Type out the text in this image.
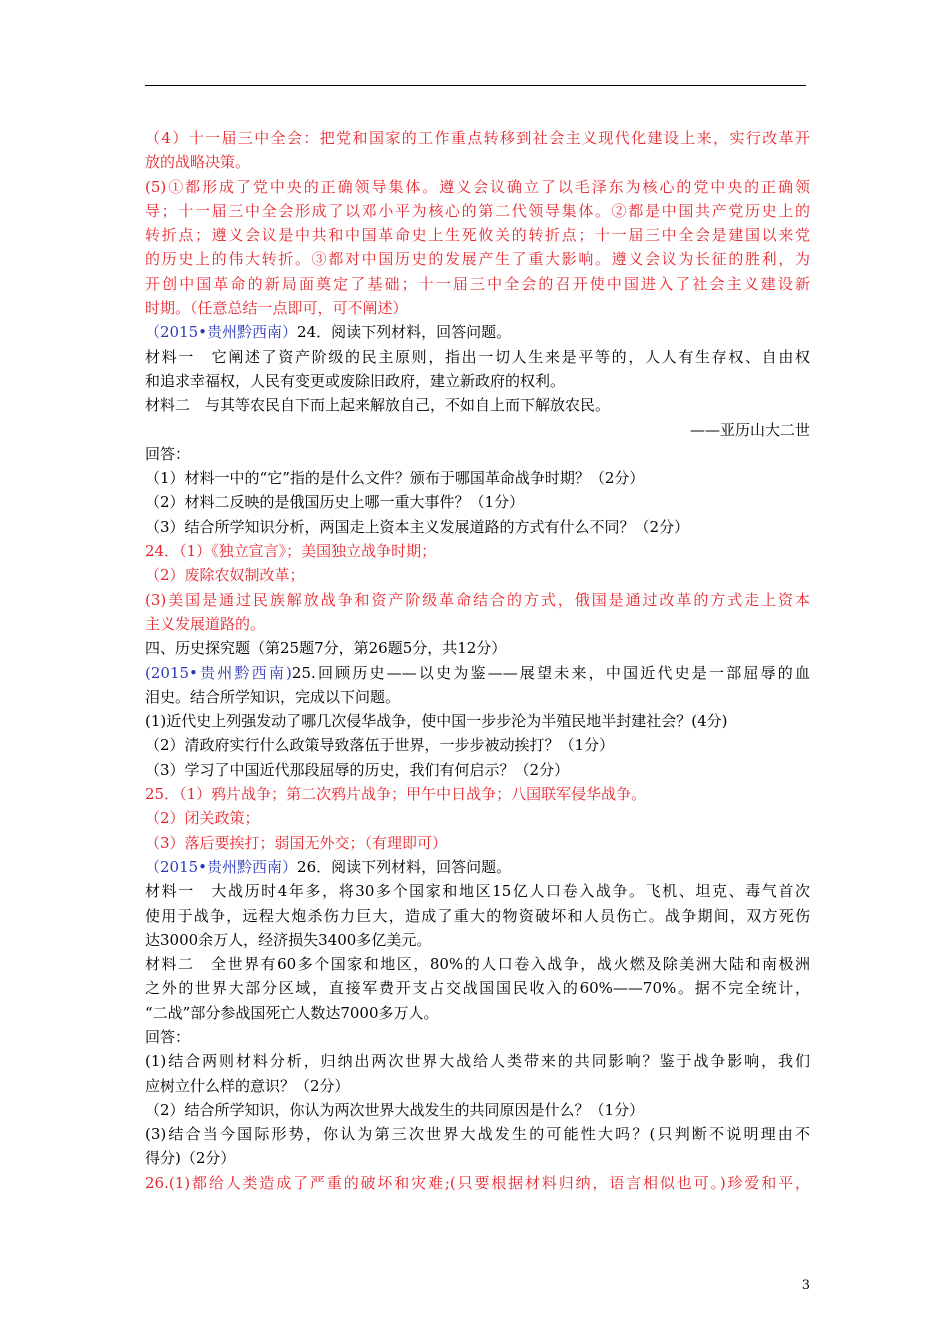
（4）十一届三中全会：把党和国家的工作重点转移到社会主义现代化建设上来，实行改革开
放的战略决策。
(5)①都形成了党中央的正确领导集体。遵义会议确立了以毛泽东为核心的党中央的正确领
导；十一届三中全会形成了以邓小平为核心的第二代领导集体。②都是中国共产党历史上的
转折点；遵义会议是中共和中国革命史上生死攸关的转折点；十一届三中全会是建国以来党
的历史上的伟大转折。③都对中国历史的发展产生了重大影响。遵义会议为长征的胜利，为
开创中国革命的新局面奠定了基础；十一届三中全会的召开使中国进入了社会主义建设新
时期。（任意总结一点即可，可不阐述）
（2015•贵州黔西南）24．阅读下列材料，回答问题。
材料一　它阐述了资产阶级的民主原则，指出一切人生来是平等的，人人有生存权、自由权
和追求幸福权，人民有变更或废除旧政府，建立新政府的权利。
材料二　与其等农民自下而上起来解放自己，不如自上而下解放农民。
——亚历山大二世
回答：
（1）材料一中的“它”指的是什么文件？颁布于哪国革命战争时期？（2分）
（2）材料二反映的是俄国历史上哪一重大事件？（1分）
（3）结合所学知识分析，两国走上资本主义发展道路的方式有什么不同？（2分）
24．（1）《独立宣言》；美国独立战争时期；
（2）废除农奴制改革；
(3)美国是通过民族解放战争和资产阶级革命结合的方式，俄国是通过改革的方式走上资本
主义发展道路的。
四、历史探究题（第25题7分，第26题5分，共12分）
(2015•贵州黔西南)25.回顾历史——以史为鉴——展望未来，中国近代史是一部屈辱的血
泪史。结合所学知识，完成以下问题。
(1)近代史上列强发动了哪几次侵华战争，使中国一步步沦为半殖民地半封建社会？(4分)
（2）清政府实行什么政策导致落伍于世界，一步步被动挨打？（1分）
（3）学习了中国近代那段屈辱的历史，我们有何启示？（2分）
25．（1）鸦片战争；第二次鸦片战争；甲午中日战争；八国联军侵华战争。
（2）闭关政策；
（3）落后要挨打；弱国无外交；（有理即可）
（2015•贵州黔西南）26．阅读下列材料，回答问题。
材料一　大战历时4年多，将30多个国家和地区15亿人口卷入战争。飞机、坦克、毒气首次
使用于战争，远程大炮杀伤力巨大，造成了重大的物资破坏和人员伤亡。战争期间，双方死伤
达3000余万人，经济损失3400多亿美元。
材料二　全世界有60多个国家和地区，80%的人口卷入战争，战火燃及除美洲大陆和南极洲
之外的世界大部分区域，直接军费开支占交战国国民收入的60%——70%。据不完全统计，
“二战”部分参战国死亡人数达7000多万人。
回答：
(1)结合两则材料分析，归纳出两次世界大战给人类带来的共同影响？鉴于战争影响，我们
应树立什么样的意识？（2分）
（2）结合所学知识，你认为两次世界大战发生的共同原因是什么？（1分）
(3)结合当今国际形势，你认为第三次世界大战发生的可能性大吗？(只判断不说明理由不
得分)（2分）
26.(1)都给人类造成了严重的破坏和灾难;(只要根据材料归纳，语言相似也可。)珍爱和平，
3
